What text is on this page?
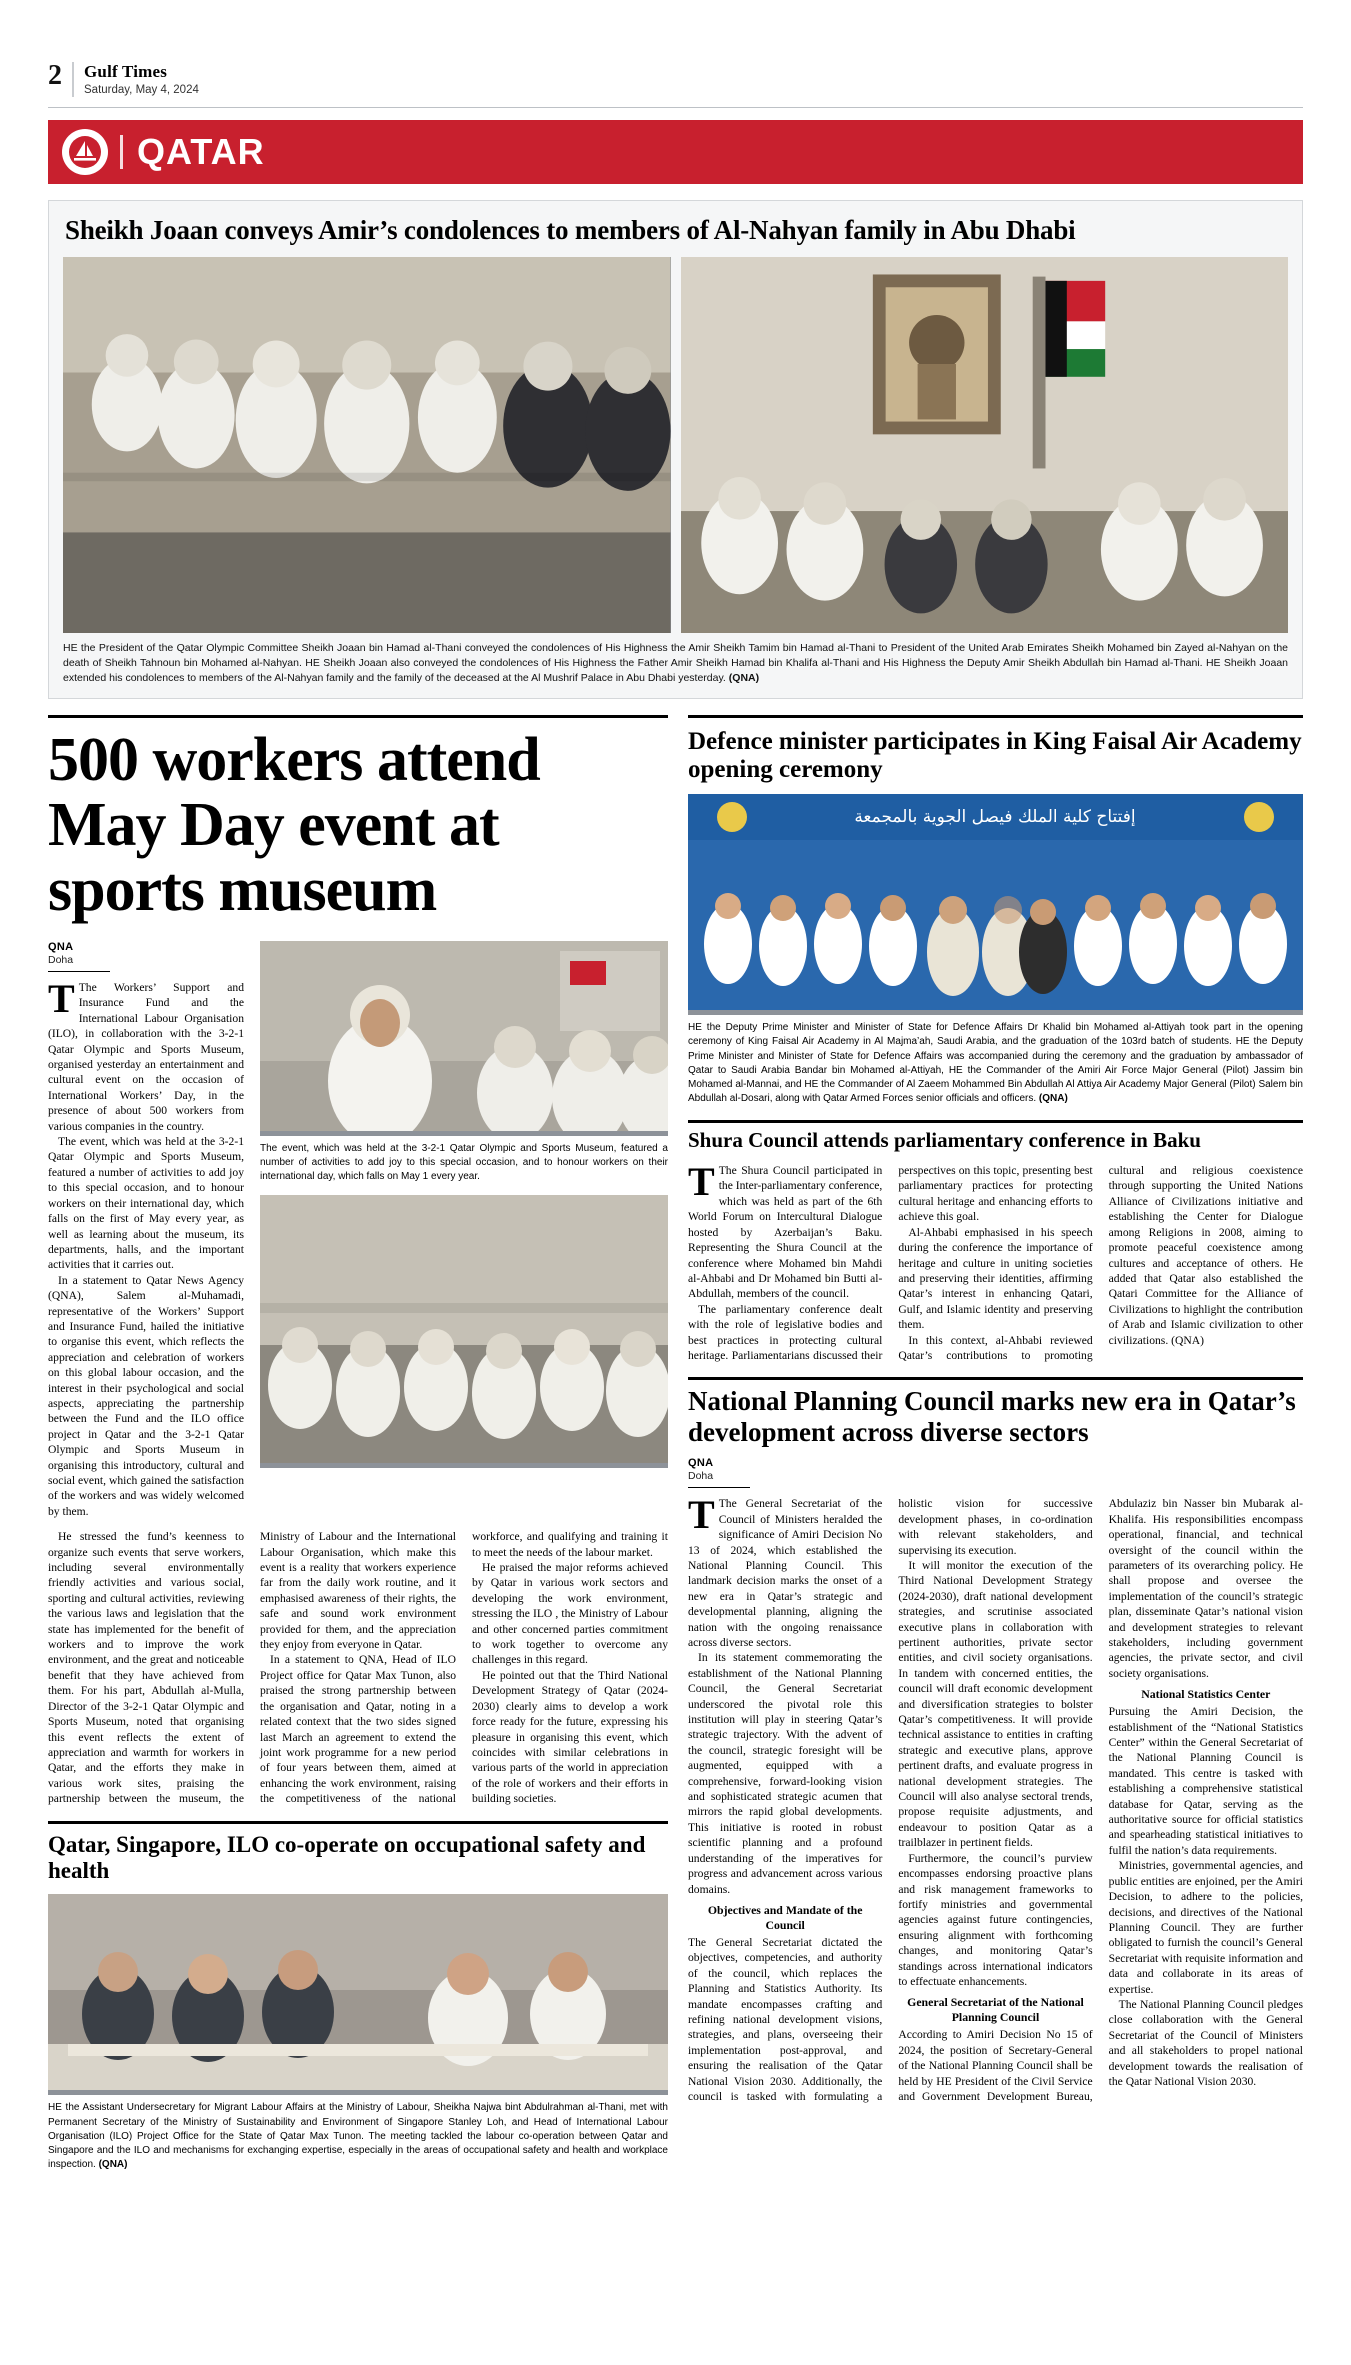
2 Gulf Times
Saturday, May 4, 2024
QATAR
Sheikh Joaan conveys Amir’s condolences to members of Al-Nahyan family in Abu Dhabi
HE the President of the Qatar Olympic Committee Sheikh Joaan bin Hamad al-Thani conveyed the condolences of His Highness the Amir Sheikh Tamim bin Hamad al-Thani to President of the United Arab Emirates Sheikh Mohamed bin Zayed al-Nahyan on the death of Sheikh Tahnoun bin Mohamed al-Nahyan. HE Sheikh Joaan also conveyed the condolences of His Highness the Father Amir Sheikh Hamad bin Khalifa al-Thani and His Highness the Deputy Amir Sheikh Abdullah bin Hamad al-Thani. HE Sheikh Joaan extended his condolences to members of the Al-Nahyan family and the family of the deceased at the Al Mushrif Palace in Abu Dhabi yesterday. (QNA)
500 workers attend May Day event at sports museum
QNA
Doha

T The Workers’ Support and Insurance Fund and the International Labour Organisation (ILO), in collaboration with the 3-2-1 Qatar Olympic and Sports Museum, organised yesterday an entertainment and cultural event on the occasion of International Workers’ Day, in the presence of about 500 workers from various companies in the country.

The event, which was held at the 3-2-1 Qatar Olympic and Sports Museum, featured a number of activities to add joy to this special occasion, and to honour workers on their international day, which falls on the first of May every year, as well as learning about the museum, its departments, halls, and the important activities that it carries out.

In a statement to Qatar News Agency (QNA), Salem al-Muhamadi, representative of the Workers’ Support and Insurance Fund, hailed the initiative to organise this event, which reflects the appreciation and celebration of workers on this global labour occasion, and the interest in their psychological and social aspects, appreciating the partnership between the Fund and the ILO office project in Qatar and the 3-2-1 Qatar Olympic and Sports Museum in organising this introductory, cultural and social event, which gained the satisfaction of the workers and was widely welcomed by them.

The event, which was held at the 3-2-1 Qatar Olympic and Sports Museum, featured a number of activities to add joy to this special occasion, and to honour workers on their international day, which falls on May 1 every year.

He stressed the fund’s keenness to organize such events that serve workers, including several environmentally friendly activities and various social, sporting and cultural activities, reviewing the various laws and legislation that the state has implemented for the benefit of workers and to improve the work environment, and the great and noticeable benefit that they have achieved from them. For his part, Abdullah al-Mulla, Director of the 3-2-1 Qatar Olympic and Sports Museum, noted that organising this event reflects the extent of appreciation and warmth for workers in Qatar, and the efforts they make in various work sites, praising the partnership between the museum, the Ministry of Labour and the International Labour Organisation, which make this event is a reality that workers experience far from the daily work routine, and it emphasised awareness of their rights, the safe and sound work environment provided for them, and the appreciation they enjoy from everyone in Qatar.

In a statement to QNA, Head of ILO Project office for Qatar Max Tunon, also praised the strong partnership between the organisation and Qatar, noting in a related context that the two sides signed last March an agreement to extend the joint work programme for a new period of four years between them, aimed at enhancing the work environment, raising the competitiveness of the national workforce, and qualifying and training it to meet the needs of the labour market.

He praised the major reforms achieved by Qatar in various work sectors and developing the work environment, stressing the ILO , the Ministry of Labour and other concerned parties commitment to work together to overcome any challenges in this regard.

He pointed out that the Third National Development Strategy of Qatar (2024-2030) clearly aims to develop a work force ready for the future, expressing his pleasure in organising this event, which coincides with similar celebrations in various parts of the world in appreciation of the role of workers and their efforts in building societies.

Qatar, Singapore, ILO co-operate on occupational safety and health
HE the Assistant Undersecretary for Migrant Labour Affairs at the Ministry of Labour, Sheikha Najwa bint Abdulrahman al-Thani, met with Permanent Secretary of the Ministry of Sustainability and Environment of Singapore Stanley Loh, and Head of International Labour Organisation (ILO) Project Office for the State of Qatar Max Tunon. The meeting tackled the labour co-operation between Qatar and Singapore and the ILO and mechanisms for exchanging expertise, especially in the areas of occupational safety and health and workplace inspection. (QNA)
Defence minister participates in King Faisal Air Academy opening ceremony
إفتتاح كلية الملك فيصل الجوية بالمجمعة
HE the Deputy Prime Minister and Minister of State for Defence Affairs Dr Khalid bin Mohamed al-Attiyah took part in the opening ceremony of King Faisal Air Academy in Al Majma’ah, Saudi Arabia, and the graduation of the 103rd batch of students. HE the Deputy Prime Minister and Minister of State for Defence Affairs was accompanied during the ceremony and the graduation by ambassador of Qatar to Saudi Arabia Bandar bin Mohamed al-Attiyah, HE the Commander of the Amiri Air Force Major General (Pilot) Jassim bin Mohamed al-Mannai, and HE the Commander of Al Zaeem Mohammed Bin Abdullah Al Attiya Air Academy Major General (Pilot) Salem bin Abdullah al-Dosari, along with Qatar Armed Forces senior officials and officers. (QNA)
Shura Council attends parliamentary conference in Baku

T The Shura Council participated in the Inter-parliamentary conference, which was held as part of the 6th World Forum on Intercultural Dialogue hosted by Azerbaijan’s Baku. Representing the Shura Council at the conference where Mohamed bin Mahdi al-Ahbabi and Dr Mohamed bin Butti al-Abdullah, members of the council.

The parliamentary conference dealt with the role of legislative bodies and best practices in protecting cultural heritage. Parliamentarians discussed their perspectives on this topic, presenting best parliamentary practices for protecting cultural heritage and enhancing efforts to achieve this goal.

Al-Ahbabi emphasised in his speech during the conference the importance of heritage and culture in uniting societies and preserving their identities, affirming Qatar’s interest in enhancing Qatari, Gulf, and Islamic identity and preserving them.

In this context, al-Ahbabi reviewed Qatar’s contributions to promoting cultural and religious coexistence through supporting the United Nations Alliance of Civilizations initiative and establishing the Center for Dialogue among Religions in 2008, aiming to promote peaceful coexistence among cultures and acceptance of others. He added that Qatar also established the Qatari Committee for the Alliance of Civilizations to highlight the contribution of Arab and Islamic civilization to other civilizations. (QNA)

National Planning Council marks new era in Qatar’s development across diverse sectors
QNA
Doha

T The General Secretariat of the Council of Ministers heralded the significance of Amiri Decision No 13 of 2024, which established the National Planning Council. This landmark decision marks the onset of a new era in Qatar’s strategic and developmental planning, aligning the nation with the ongoing renaissance across diverse sectors.

In its statement commemorating the establishment of the National Planning Council, the General Secretariat underscored the pivotal role this institution will play in steering Qatar’s strategic trajectory. With the advent of the council, strategic foresight will be augmented, equipped with a comprehensive, forward-looking vision and sophisticated strategic acumen that mirrors the rapid global developments. This initiative is rooted in robust scientific planning and a profound understanding of the imperatives for progress and advancement across various domains.

Objectives and Mandate of the Council

The General Secretariat dictated the objectives, competencies, and authority of the council, which replaces the Planning and Statistics Authority. Its mandate encompasses crafting and refining national development visions, strategies, and plans, overseeing their implementation post-approval, and ensuring the realisation of the Qatar National Vision 2030. Additionally, the council is tasked with formulating a holistic vision for successive development phases, in co-ordination with relevant stakeholders, and supervising its execution.

It will monitor the execution of the Third National Development Strategy (2024-2030), draft national development strategies, and scrutinise associated executive plans in collaboration with pertinent authorities, private sector entities, and civil society organisations. In tandem with concerned entities, the council will draft economic development and diversification strategies to bolster Qatar’s competitiveness. It will provide technical assistance to entities in crafting strategic and executive plans, approve pertinent drafts, and evaluate progress in national development strategies. The Council will also analyse sectoral trends, propose requisite adjustments, and endeavour to position Qatar as a trailblazer in pertinent fields.

Furthermore, the council’s purview encompasses endorsing proactive plans and risk management frameworks to fortify ministries and governmental agencies against future contingencies, ensuring alignment with forthcoming changes, and monitoring Qatar’s standings across international indicators to effectuate enhancements.

General Secretariat of the National Planning Council

According to Amiri Decision No 15 of 2024, the position of Secretary-General of the National Planning Council shall be held by HE President of the Civil Service and Government Development Bureau, Abdulaziz bin Nasser bin Mubarak al-Khalifa. His responsibilities encompass operational, financial, and technical oversight of the council within the parameters of its overarching policy. He shall propose and oversee the implementation of the council’s strategic plan, disseminate Qatar’s national vision and development strategies to relevant stakeholders, including government agencies, the private sector, and civil society organisations.

National Statistics Center

Pursuing the Amiri Decision, the establishment of the “National Statistics Center” within the General Secretariat of the National Planning Council is mandated. This centre is tasked with establishing a comprehensive statistical database for Qatar, serving as the authoritative source for official statistics and spearheading statistical initiatives to fulfil the nation’s data requirements.

Ministries, governmental agencies, and public entities are enjoined, per the Amiri Decision, to adhere to the policies, decisions, and directives of the National Planning Council. They are further obligated to furnish the council’s General Secretariat with requisite information and data and collaborate in its areas of expertise.

The National Planning Council pledges close collaboration with the General Secretariat of the Council of Ministers and all stakeholders to propel national development towards the realisation of the Qatar National Vision 2030.
